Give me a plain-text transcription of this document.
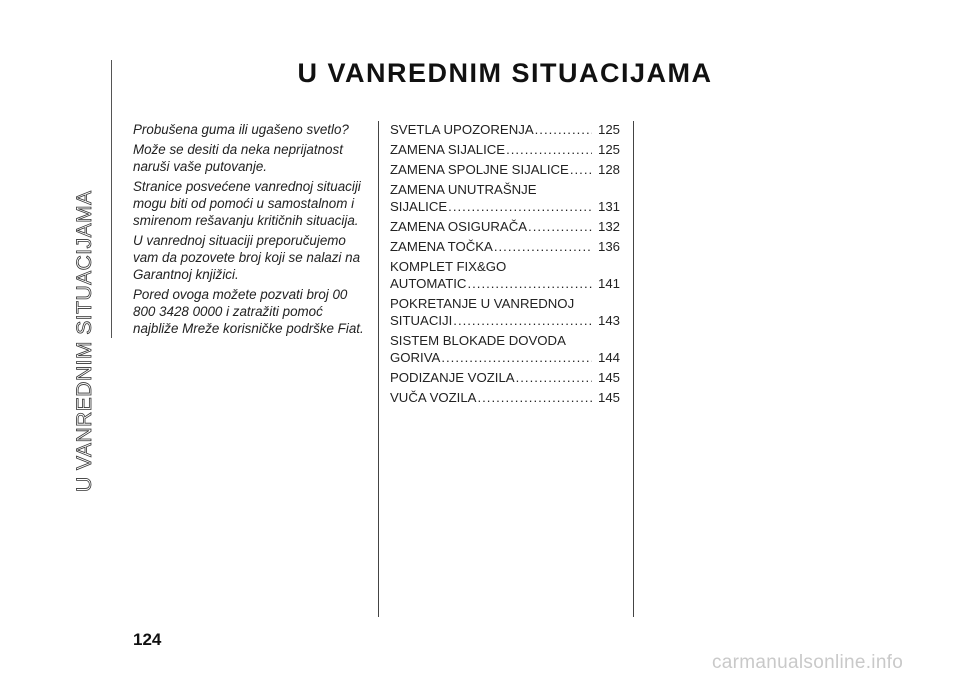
U VANREDNIM SITUACIJAMA
U VANREDNIM SITUACIJAMA

Probušena guma ili ugašeno svetlo?

Može se desiti da neka neprijatnost naruši vaše putovanje.

Stranice posvećene vanrednoj situaciji mogu biti od pomoći u samostalnom i smirenom rešavanju kritičnih situacija.

U vanrednoj situaciji preporučujemo vam da pozovete broj koji se nalazi na Garantnoj knjižici.

Pored ovoga možete pozvati broj 00 800 3428 0000 i zatražiti pomoć najbliže Mreže korisničke podrške Fiat.

SVETLA UPOZORENJA .....	125
ZAMENA SIJALICE .....	125
ZAMENA SPOLJNE SIJALICE .....	128
ZAMENA UNUTRAŠNJE
SIJALICE .....	131
ZAMENA OSIGURAČA .....	132
ZAMENA TOČKA .....	136
KOMPLET FIX&GO
AUTOMATIC .....	141
POKRETANJE U VANREDNOJ
SITUACIJI .....	143
SISTEM BLOKADE DOVODA
GORIVA .....	144
PODIZANJE VOZILA .....	145
VUČA VOZILA .....	145
124
carmanualsonline.info
